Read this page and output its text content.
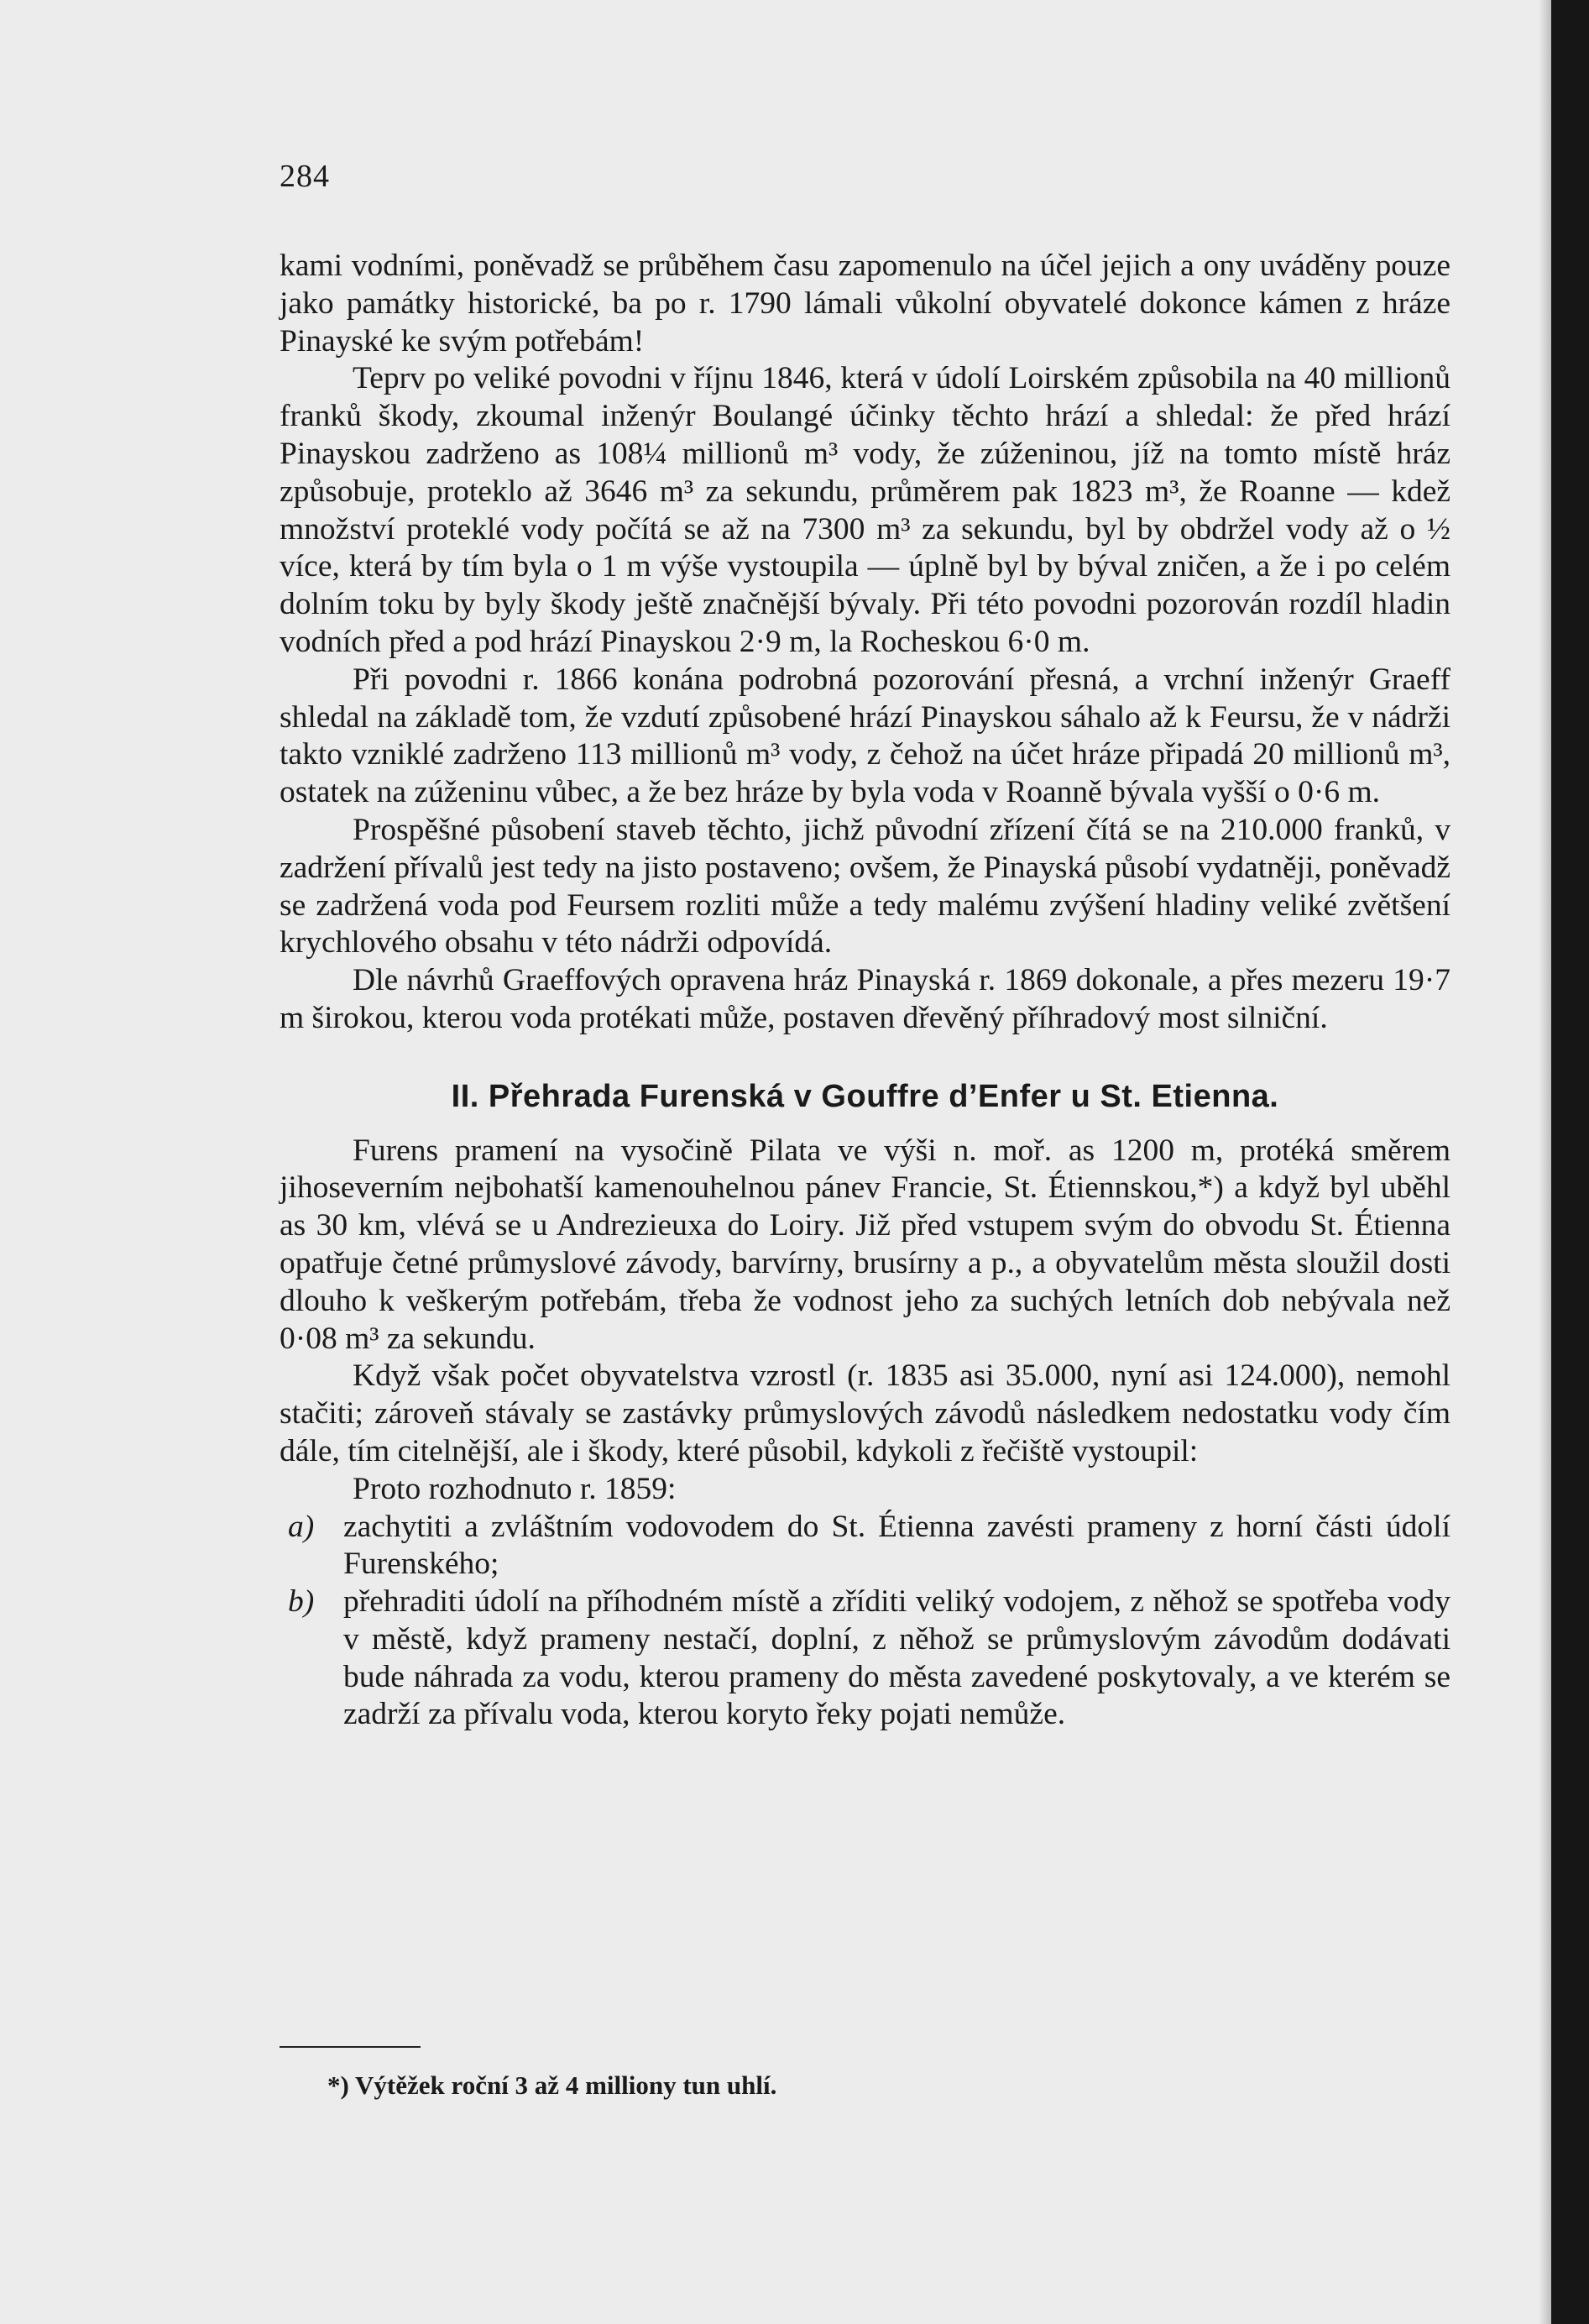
284

kami vodními, poněvadž se průběhem času zapomenulo na účel jejich a ony uváděny pouze jako památky historické, ba po r. 1790 lámali vůkolní obyvatelé dokonce kámen z hráze Pinayské ke svým potřebám!

Teprv po veliké povodni v říjnu 1846, která v údolí Loirském způsobila na 40 millionů franků škody, zkoumal inženýr Boulangé účinky těchto hrází a shledal: že před hrází Pinayskou zadrženo as 108¼ millionů m³ vody, že zúženinou, jíž na tomto místě hráz způsobuje, proteklo až 3646 m³ za sekundu, průměrem pak 1823 m³, že Roanne — kdež množství proteklé vody počítá se až na 7300 m³ za sekundu, byl by obdržel vody až o ½ více, která by tím byla o 1 m výše vystoupila — úplně byl by býval zničen, a že i po celém dolním toku by byly škody ještě značnější bývaly. Při této povodni pozorován rozdíl hladin vodních před a pod hrází Pinayskou 2·9 m, la Rocheskou 6·0 m.

Při povodni r. 1866 konána podrobná pozorování přesná, a vrchní inženýr Graeff shledal na základě tom, že vzdutí způsobené hrází Pinayskou sáhalo až k Feursu, že v nádrži takto vzniklé zadrženo 113 millionů m³ vody, z čehož na účet hráze připadá 20 millionů m³, ostatek na zúženinu vůbec, a že bez hráze by byla voda v Roanně bývala vyšší o 0·6 m.

Prospěšné působení staveb těchto, jichž původní zřízení čítá se na 210.000 franků, v zadržení přívalů jest tedy na jisto postaveno; ovšem, že Pinayská působí vydatněji, poněvadž se zadržená voda pod Feursem rozliti může a tedy malému zvýšení hladiny veliké zvětšení krychlového obsahu v této nádrži odpovídá.

Dle návrhů Graeffových opravena hráz Pinayská r. 1869 dokonale, a přes mezeru 19·7 m širokou, kterou voda protékati může, postaven dřevěný příhradový most silniční.

II. Přehrada Furenská v Gouffre d’Enfer u St. Etienna.

Furens pramení na vysočině Pilata ve výši n. moř. as 1200 m, protéká směrem jihoseverním nejbohatší kamenouhelnou pánev Francie, St. Étiennskou,*) a když byl uběhl as 30 km, vlévá se u Andrezieuxa do Loiry. Již před vstupem svým do obvodu St. Étienna opatřuje četné průmyslové závody, barvírny, brusírny a p., a obyvatelům města sloužil dosti dlouho k veškerým potřebám, třeba že vodnost jeho za suchých letních dob nebývala než 0·08 m³ za sekundu.

Když však počet obyvatelstva vzrostl (r. 1835 asi 35.000, nyní asi 124.000), nemohl stačiti; zároveň stávaly se zastávky průmyslových závodů následkem nedostatku vody čím dále, tím citelnější, ale i škody, které působil, kdykoli z řečiště vystoupil:

Proto rozhodnuto r. 1859:

a) zachytiti a zvláštním vodovodem do St. Étienna zavésti prameny z horní části údolí Furenského;
b) přehraditi údolí na příhodném místě a zříditi veliký vodojem, z něhož se spotřeba vody v městě, když prameny nestačí, doplní, z něhož se průmyslovým závodům dodávati bude náhrada za vodu, kterou prameny do města zavedené poskytovaly, a ve kterém se zadrží za přívalu voda, kterou koryto řeky pojati nemůže.
*) Výtěžek roční 3 až 4 milliony tun uhlí.
